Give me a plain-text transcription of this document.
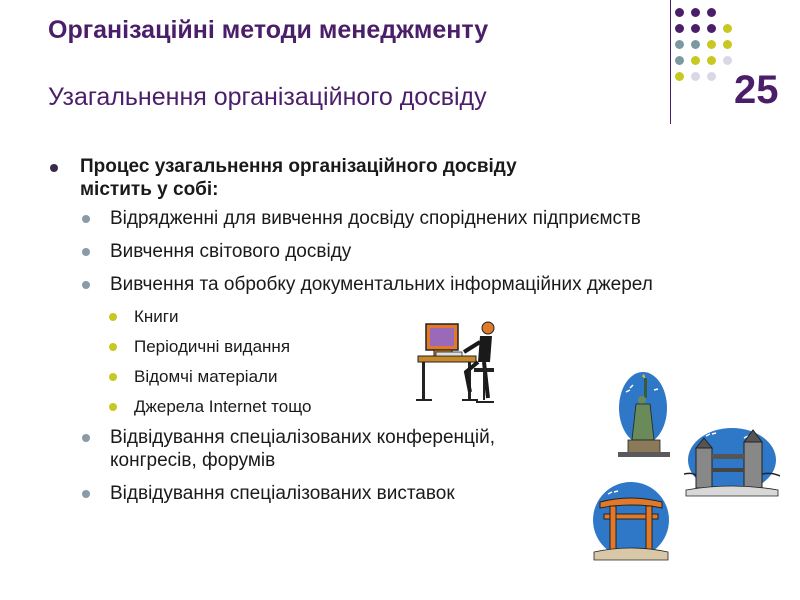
Організаційні методи менеджменту
Узагальнення організаційного досвіду	25
Процес узагальнення організаційного досвіду
містить у собі:
Відрядженні для вивчення досвіду споріднених підприємств
Вивчення світового досвіду
Вивчення та обробку документальних інформаційних джерел
Книги
Періодичні видання
Відомчі матеріали
Джерела Internet тощо
Відвідування спеціалізованих конференцій,
конгресів, форумів
Відвідування спеціалізованих виставок
